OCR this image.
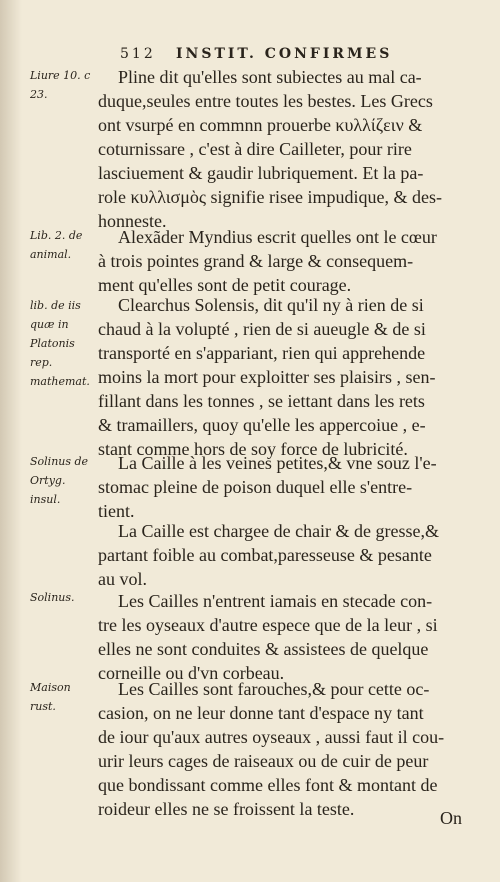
512 INSTIT. CONFIRMES
Liure 10. c 23.
Lib. 2. de animal.
lib. de iis quæ in Platonis rep. mathemat.
Solinus de Ortyg. insul.
Solinus.
Maison rust.
Pline dit qu'elles sont subiectes au mal ca-
duque,seules entre toutes les bestes. Les Grecs
ont vsurpé en commnn prouerbe κυλλίζειν &
coturnissare , c'est à dire Cailleter, pour rire
lasciuement & gaudir lubriquement. Et la pa-
role κυλλισμὸς signifie risee impudique, & des-
honneste.
Alexãder Myndius escrit quelles ont le cœur
à trois pointes grand & large & consequem-
ment qu'elles sont de petit courage.
Clearchus Solensis, dit qu'il ny à rien de si
chaud à la volupté , rien de si aueugle & de si
transporté en s'appariant, rien qui apprehende
moins la mort pour exploitter ses plaisirs , sen-
fillant dans les tonnes , se iettant dans les rets
& tramaillers, quoy qu'elle les appercoiue , e-
stant comme hors de soy force de lubricité.
La Caille à les veines petites,& vne souz l'e-
stomac pleine de poison duquel elle s'entre-
tient.
La Caille est chargee de chair & de gresse,&
partant foible au combat,paresseuse & pesante
au vol.
Les Cailles n'entrent iamais en stecade con-
tre les oyseaux d'autre espece que de la leur , si
elles ne sont conduites & assistees de quelque
corneille ou d'vn corbeau.
Les Cailles sont farouches,& pour cette oc-
casion, on ne leur donne tant d'espace ny tant
de iour qu'aux autres oyseaux , aussi faut il cou-
urir leurs cages de raiseaux ou de cuir de peur
que bondissant comme elles font & montant de
roideur elles ne se froissent la teste.	On
